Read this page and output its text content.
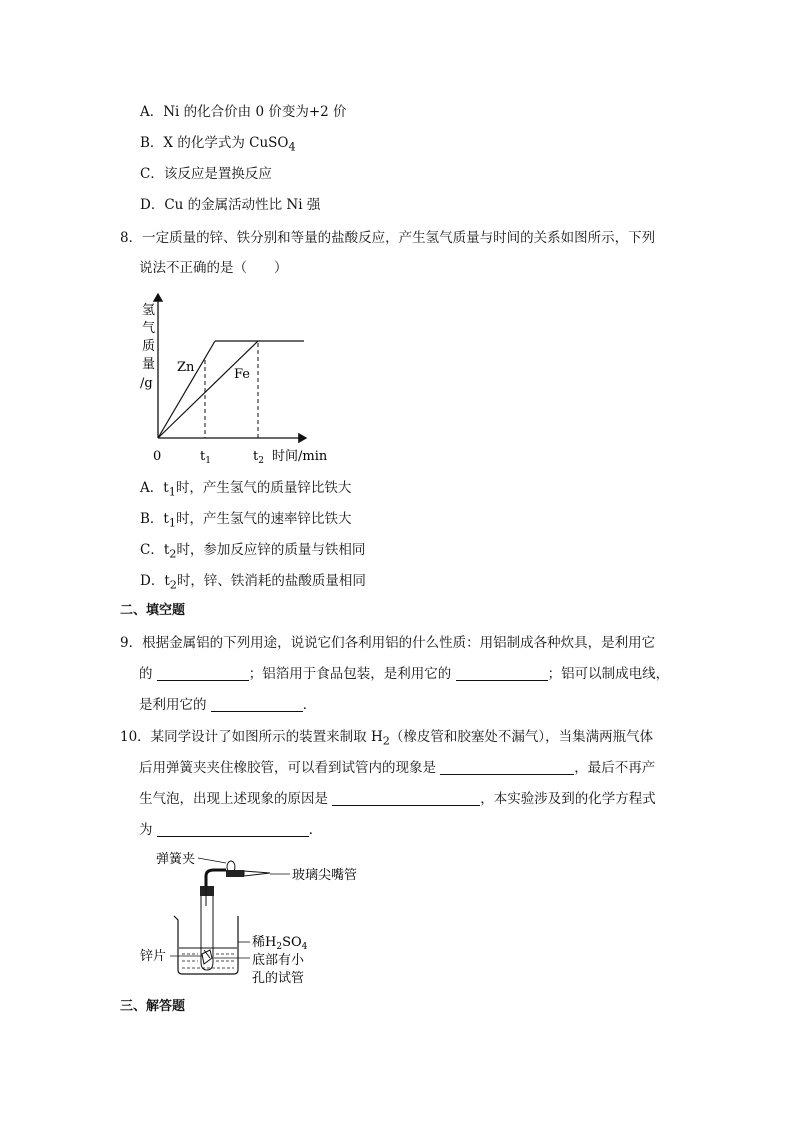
A．Ni 的化合价由 0 价变为+2 价
B．X 的化学式为 CuSO$_4$
C．该反应是置换反应
D．Cu 的金属活动性比 Ni 强
8．一定质量的锌、铁分别和等量的盐酸反应，产生氢气质量与时间的关系如图所示，下列
说法不正确的是（　　）
氢
气
质
量
/g
Zn	Fe
0	$t_1$	$t_2$ 时间/min
A．$t_1$时，产生氢气的质量锌比铁大
B．$t_1$时，产生氢气的速率锌比铁大
C．$t_2$时，参加反应锌的质量与铁相同
D．$t_2$时，锌、铁消耗的盐酸质量相同
二、填空题
9．根据金属铝的下列用途，说说它们各利用铝的什么性质：用铝制成各种炊具，是利用它
的	；铝箔用于食品包装，是利用它的	；铝可以制成电线，
是利用它的	．
10．某同学设计了如图所示的装置来制取 $H_2$（橡皮管和胶塞处不漏气），当集满两瓶气体
后用弹簧夹夹住橡胶管，可以看到试管内的现象是	，最后不再产
生气泡，出现上述现象的原因是	，本实验涉及到的化学方程式
为	．
弹簧夹
玻璃尖嘴管
锌片
稀$H_2SO_4$
底部有小
孔的试管
三、解答题
